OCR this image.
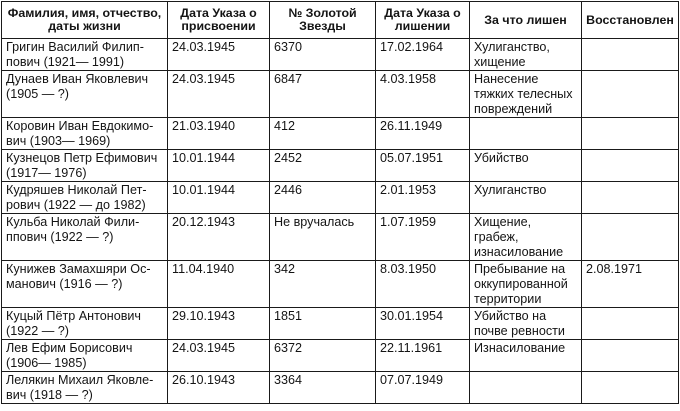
Фамилия, имя, отчество, даты жизни	Дата Указа о присвоении	№ Золотой Звезды	Дата Указа о лишении	За что лишен	Восстановлен
Григин Василий Филиппович (1921— 1991)	24.03.1945	6370	17.02.1964	Хулиганство, хищение	
Дунаев Иван Яковлевич (1905 — ?)	24.03.1945	6847	4.03.1958	Нанесение тяжких телесных повреждений	
Коровин Иван Евдокимович (1903— 1969)	21.03.1940	412	26.11.1949		
Кузнецов Петр Ефимович (1917— 1976)	10.01.1944	2452	05.07.1951	Убийство	
Кудряшев Николай Петрович (1922 — до 1982)	10.01.1944	2446	2.01.1953	Хулиганство	
Кульба Николай Филиппович (1922 — ?)	20.12.1943	Не вручалась	1.07.1959	Хищение, грабеж, изнасилование	
Кунижев Замахшяри Османович (1916 — ?)	11.04.1940	342	8.03.1950	Пребывание на оккупированной территории	2.08.1971
Куцый Пётр Антонович (1922 — ?)	29.10.1943	1851	30.01.1954	Убийство на почве ревности	
Лев Ефим Борисович (1906— 1985)	24.03.1945	6372	22.11.1961	Изнасилование	
Лелякин Михаил Яковлевич (1918 — ?)	26.10.1943	3364	07.07.1949		
